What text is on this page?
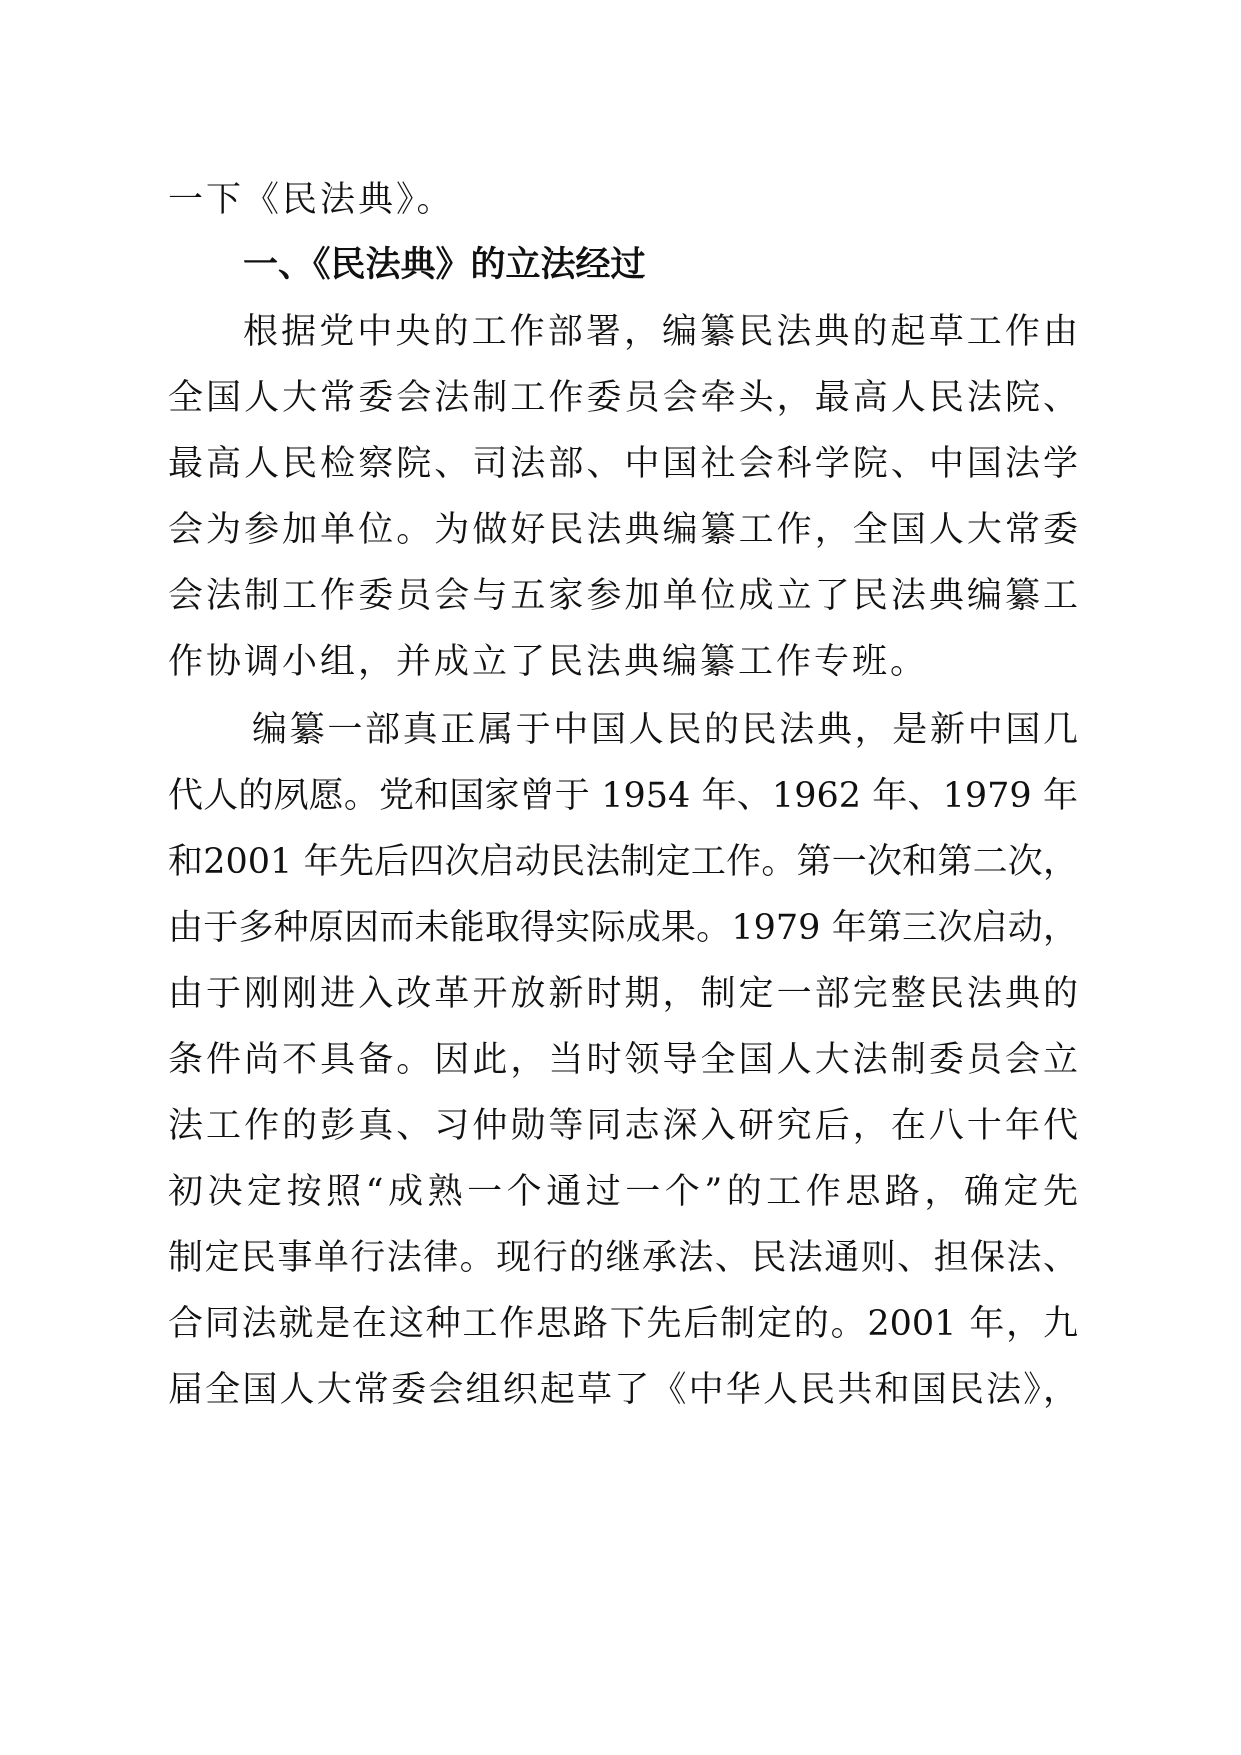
一下《民法典》。
一、《民法典》的立法经过
根据党中央的工作部署，编纂民法典的起草工作由
全国人大常委会法制工作委员会牵头，最高人民法院、
最高人民检察院、司法部、中国社会科学院、中国法学
会为参加单位。为做好民法典编纂工作，全国人大常委
会法制工作委员会与五家参加单位成立了民法典编纂工
作协调小组，并成立了民法典编纂工作专班。
编纂一部真正属于中国人民的民法典，是新中国几
代人的夙愿。党和国家曾于 1954 年、1962 年、1979 年
和2001 年先后四次启动民法制定工作。第一次和第二次，
由于多种原因而未能取得实际成果。1979 年第三次启动，
由于刚刚进入改革开放新时期，制定一部完整民法典的
条件尚不具备。因此，当时领导全国人大法制委员会立
法工作的彭真、习仲勋等同志深入研究后，在八十年代
初决定按照“成熟一个通过一个”的工作思路，确定先
制定民事单行法律。现行的继承法、民法通则、担保法、
合同法就是在这种工作思路下先后制定的。2001 年，九
届全国人大常委会组织起草了《中华人民共和国民法》，
